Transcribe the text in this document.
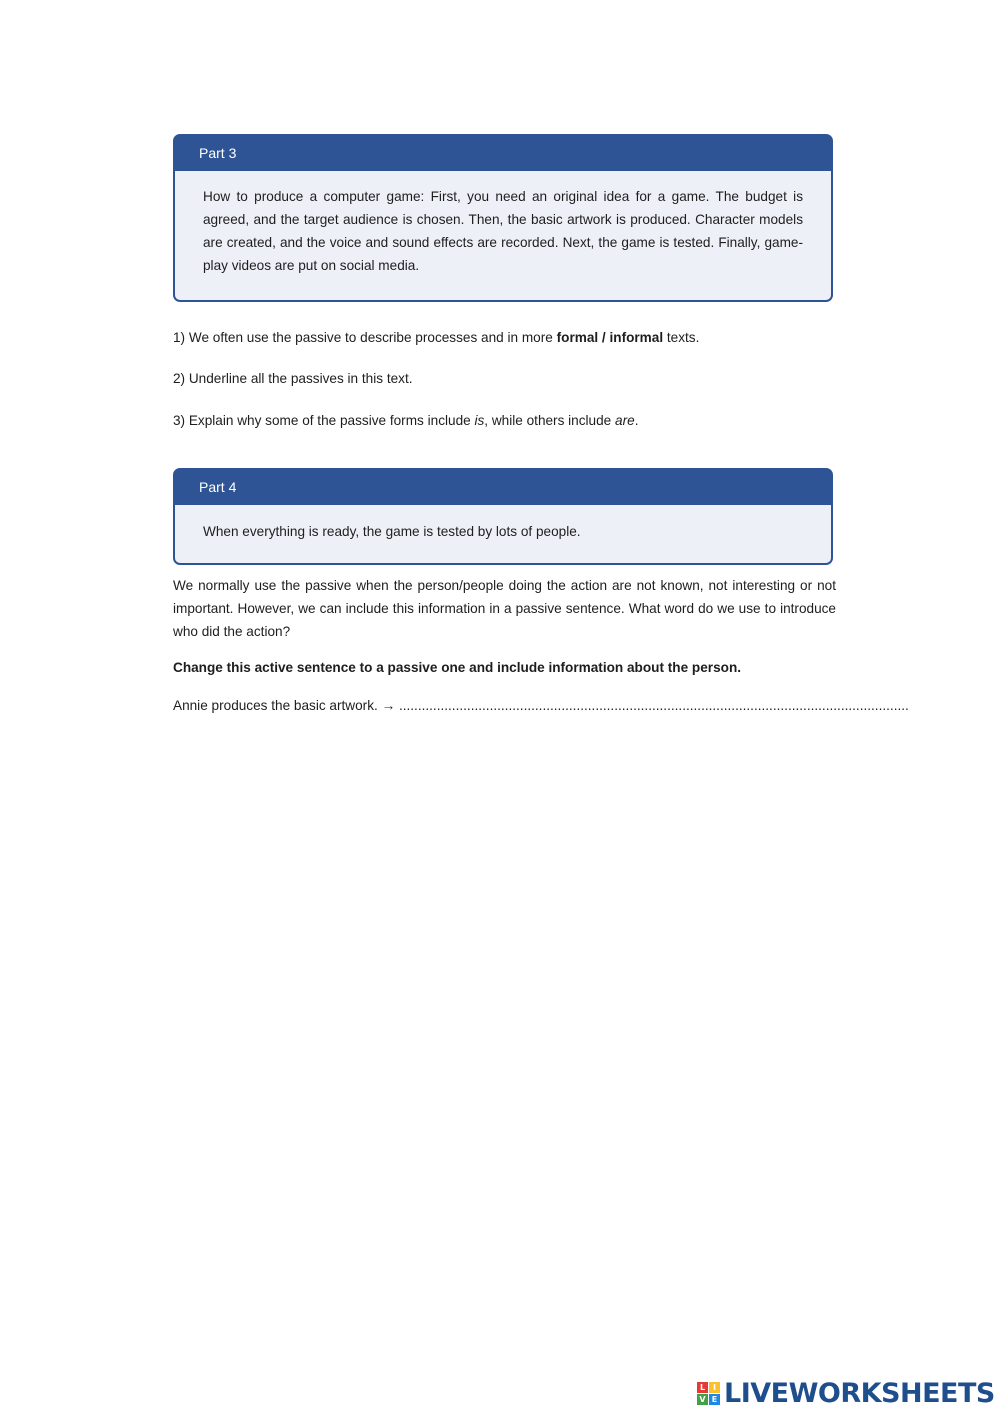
Part 3
How to produce a computer game: First, you need an original idea for a game. The budget is agreed, and the target audience is chosen. Then, the basic artwork is produced. Character models are created, and the voice and sound effects are recorded. Next, the game is tested. Finally, game-play videos are put on social media.
1) We often use the passive to describe processes and in more formal / informal texts.
2) Underline all the passives in this text.
3) Explain why some of the passive forms include is, while others include are.
Part 4
When everything is ready, the game is tested by lots of people.
We normally use the passive when the person/people doing the action are not known, not interesting or not important. However, we can include this information in a passive sentence. What word do we use to introduce who did the action?
Change this active sentence to a passive one and include information about the person.
Annie produces the basic artwork. → .......................................................................................................................................
L I
V E LIVEWORKSHEETS
